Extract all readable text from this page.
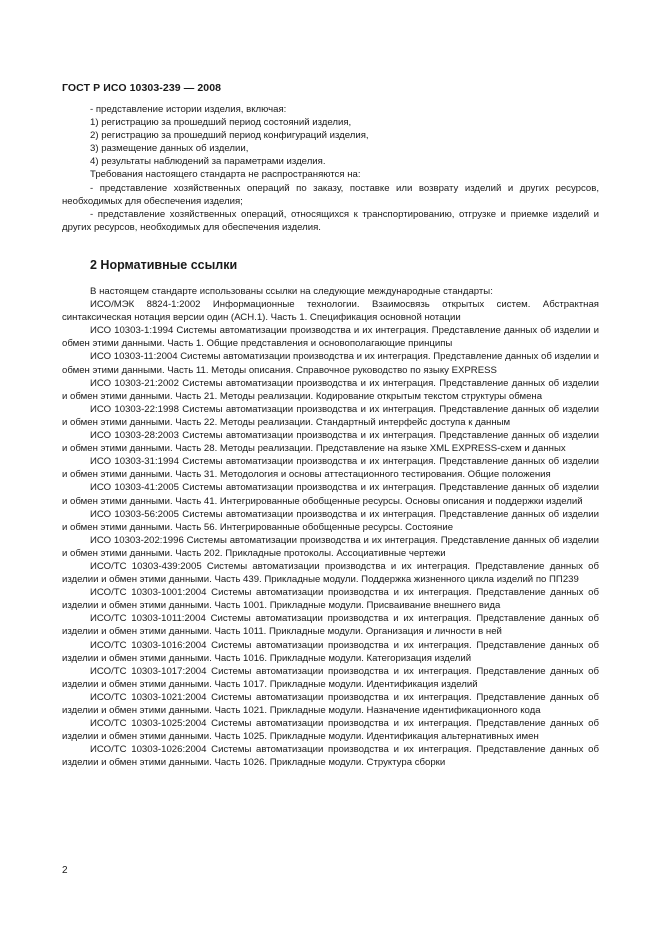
ГОСТ Р ИСО 10303-239 — 2008

- представление истории изделия, включая:

1) регистрацию за прошедший период состояний изделия,

2) регистрацию за прошедший период конфигураций изделия,

3) размещение данных об изделии,

4) результаты наблюдений за параметрами изделия.

Требования настоящего стандарта не распространяются на:

- представление хозяйственных операций по заказу, поставке или возврату изделий и других ресурсов, необходимых для обеспечения изделия;

- представление хозяйственных операций, относящихся к транспортированию, отгрузке и приемке изделий и других ресурсов, необходимых для обеспечения изделия.

2 Нормативные ссылки

В настоящем стандарте использованы ссылки на следующие международные стандарты:

ИСО/МЭК 8824-1:2002 Информационные технологии. Взаимосвязь открытых систем. Абстрактная синтаксическая нотация версии один (АСН.1). Часть 1. Спецификация основной нотации

ИСО 10303-1:1994 Системы автоматизации производства и их интеграция. Представление данных об изделии и обмен этими данными. Часть 1. Общие представления и основополагающие принципы

ИСО 10303-11:2004 Системы автоматизации производства и их интеграция. Представление данных об изделии и обмен этими данными. Часть 11. Методы описания. Справочное руководство по языку EXPRESS

ИСО 10303-21:2002 Системы автоматизации производства и их интеграция. Представление данных об изделии и обмен этими данными. Часть 21. Методы реализации. Кодирование открытым текстом структуры обмена

ИСО 10303-22:1998 Системы автоматизации производства и их интеграция. Представление данных об изделии и обмен этими данными. Часть 22. Методы реализации. Стандартный интерфейс доступа к данным

ИСО 10303-28:2003 Системы автоматизации производства и их интеграция. Представление данных об изделии и обмен этими данными. Часть 28. Методы реализации. Представление на языке XML EXPRESS-схем и данных

ИСО 10303-31:1994 Системы автоматизации производства и их интеграция. Представление данных об изделии и обмен этими данными. Часть 31. Методология и основы аттестационного тестирования. Общие положения

ИСО 10303-41:2005 Системы автоматизации производства и их интеграция. Представление данных об изделии и обмен этими данными. Часть 41. Интегрированные обобщенные ресурсы. Основы описания и поддержки изделий

ИСО 10303-56:2005 Системы автоматизации производства и их интеграция. Представление данных об изделии и обмен этими данными. Часть 56. Интегрированные обобщенные ресурсы. Состояние

ИСО 10303-202:1996 Системы автоматизации производства и их интеграция. Представление данных об изделии и обмен этими данными. Часть 202. Прикладные протоколы. Ассоциативные чертежи

ИСО/ТС 10303-439:2005 Системы автоматизации производства и их интеграция. Представление данных об изделии и обмен этими данными. Часть 439. Прикладные модули. Поддержка жизненного цикла изделий по ПП239

ИСО/ТС 10303-1001:2004 Системы автоматизации производства и их интеграция. Представление данных об изделии и обмен этими данными. Часть 1001. Прикладные модули. Присваивание внешнего вида

ИСО/ТС 10303-1011:2004 Системы автоматизации производства и их интеграция. Представление данных об изделии и обмен этими данными. Часть 1011. Прикладные модули. Организация и личности в ней

ИСО/ТС 10303-1016:2004 Системы автоматизации производства и их интеграция. Представление данных об изделии и обмен этими данными. Часть 1016. Прикладные модули. Категоризация изделий

ИСО/ТС 10303-1017:2004 Системы автоматизации производства и их интеграция. Представление данных об изделии и обмен этими данными. Часть 1017. Прикладные модули. Идентификация изделий

ИСО/ТС 10303-1021:2004 Системы автоматизации производства и их интеграция. Представление данных об изделии и обмен этими данными. Часть 1021. Прикладные модули. Назначение идентификационного кода

ИСО/ТС 10303-1025:2004 Системы автоматизации производства и их интеграция. Представление данных об изделии и обмен этими данными. Часть 1025. Прикладные модули. Идентификация альтернативных имен

ИСО/ТС 10303-1026:2004 Системы автоматизации производства и их интеграция. Представление данных об изделии и обмен этими данными. Часть 1026. Прикладные модули. Структура сборки

2
